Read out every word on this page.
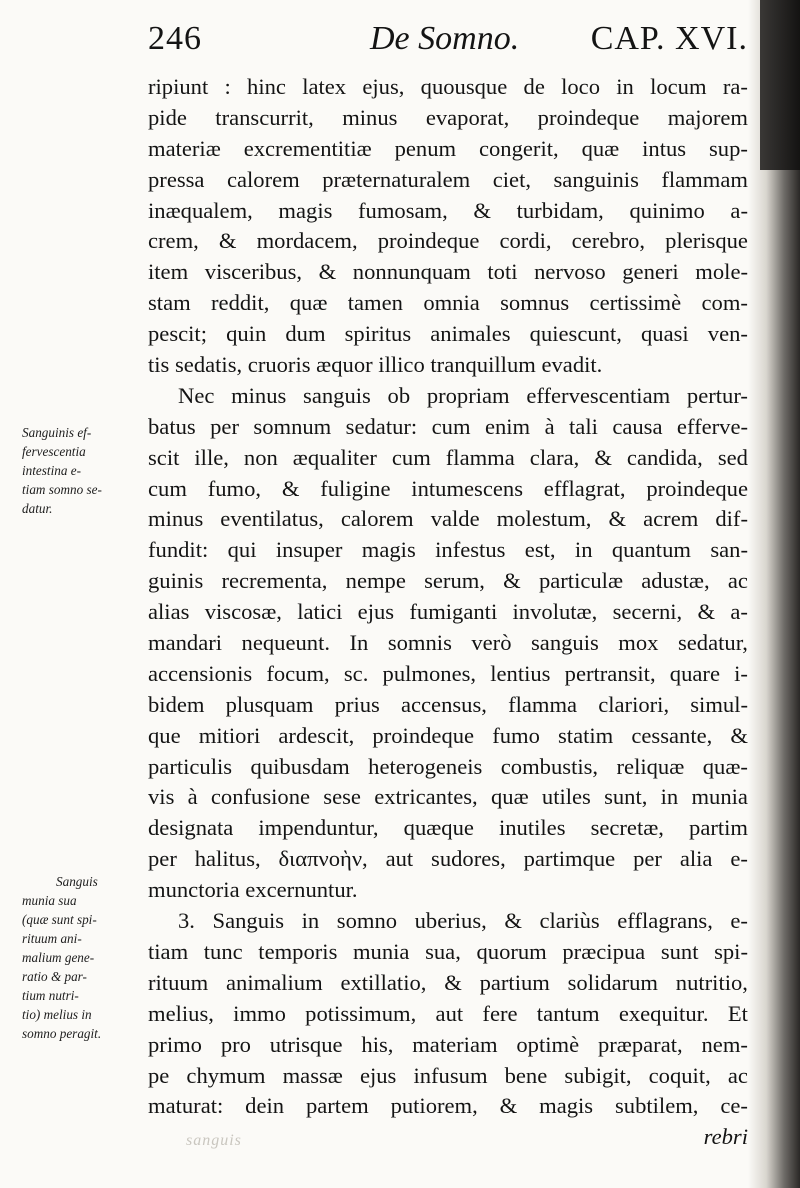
246	De Somno. CAP. XVI.
Sanguinis ef-
fervescentia
intestina e-
tiam somno se-
datur.
Sanguis
munia sua
(quæ sunt spi-
rituum ani-
malium gene-
ratio & par-
tium nutri-
tio) melius in
somno peragit.
ripiunt : hinc latex ejus, quousque de loco in locum ra-
pide transcurrit, minus evaporat, proindeque majorem
materiæ excrementitiæ penum congerit, quæ intus sup-
pressa calorem præternaturalem ciet, sanguinis flammam
inæqualem, magis fumosam, & turbidam, quinimo a-
crem, & mordacem, proindeque cordi, cerebro, plerisque
item visceribus, & nonnunquam toti nervoso generi mole-
stam reddit, quæ tamen omnia somnus certissimè com-
pescit; quin dum spiritus animales quiescunt, quasi ven-
tis sedatis, cruoris æquor illico tranquillum evadit.
Nec minus sanguis ob propriam effervescentiam pertur-
batus per somnum sedatur: cum enim à tali causa efferve-
scit ille, non æqualiter cum flamma clara, & candida, sed
cum fumo, & fuligine intumescens efflagrat, proindeque
minus eventilatus, calorem valde molestum, & acrem dif-
fundit: qui insuper magis infestus est, in quantum san-
guinis recrementa, nempe serum, & particulæ adustæ, ac
alias viscosæ, latici ejus fumiganti involutæ, secerni, & a-
mandari nequeunt. In somnis verò sanguis mox sedatur,
accensionis focum, sc. pulmones, lentius pertransit, quare i-
bidem plusquam prius accensus, flamma clariori, simul-
que mitiori ardescit, proindeque fumo statim cessante, &
particulis quibusdam heterogeneis combustis, reliquæ quæ-
vis à confusione sese extricantes, quæ utiles sunt, in munia
designata impenduntur, quæque inutiles secretæ, partim
per halitus, διαπνοὴν, aut sudores, partimque per alia e-
munctoria excernuntur.
3. Sanguis in somno uberius, & clariùs efflagrans, e-
tiam tunc temporis munia sua, quorum præcipua sunt spi-
rituum animalium extillatio, & partium solidarum nutritio,
melius, immo potissimum, aut fere tantum exequitur. Et
primo pro utrisque his, materiam optimè præparat, nem-
pe chymum massæ ejus infusum bene subigit, coquit, ac
maturat: dein partem putiorem, & magis subtilem, ce-
rebri
sanguis
